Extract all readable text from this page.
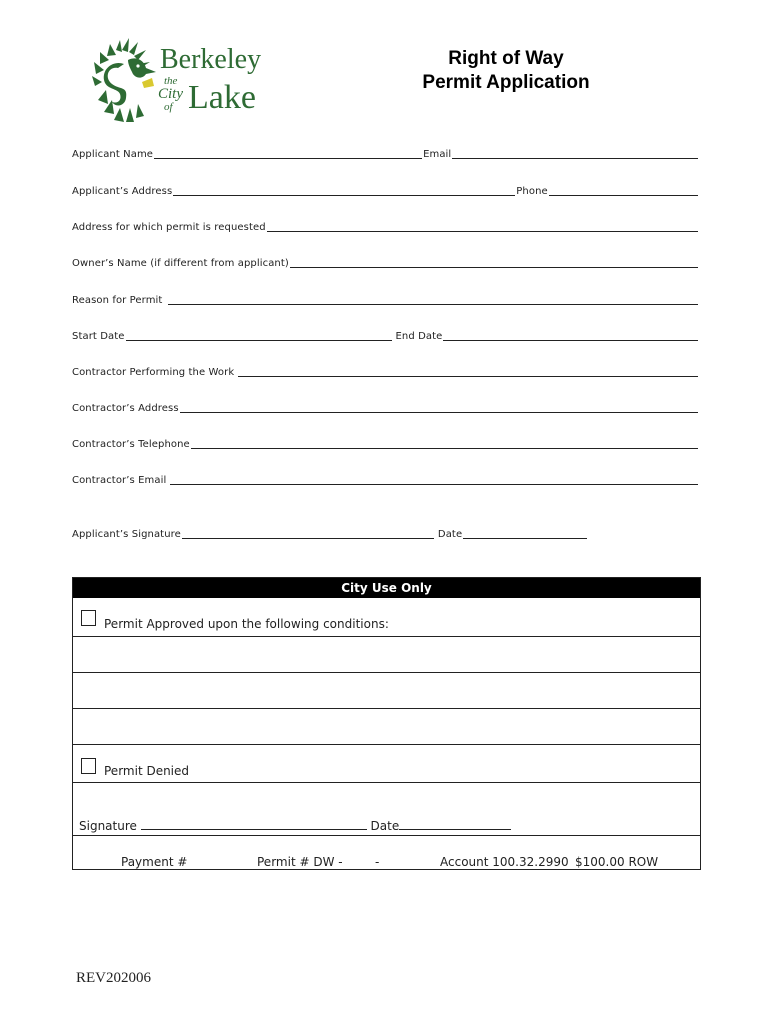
Berkeley
the
City
of Lake
Right of Way
Permit Application
Applicant Name	Email
Applicant’s Address	Phone
Address for which permit is requested
Owner’s Name (if different from applicant)
Reason for Permit
Start Date	End Date
Contractor Performing the Work
Contractor’s Address
Contractor’s Telephone
Contractor’s Email
Applicant’s Signature	Date
City Use Only
Permit Approved upon the following conditions:
Permit Denied
Signature	Date
Payment #	Permit # DW -	-	Account 100.32.2990 $100.00 ROW
REV202006
